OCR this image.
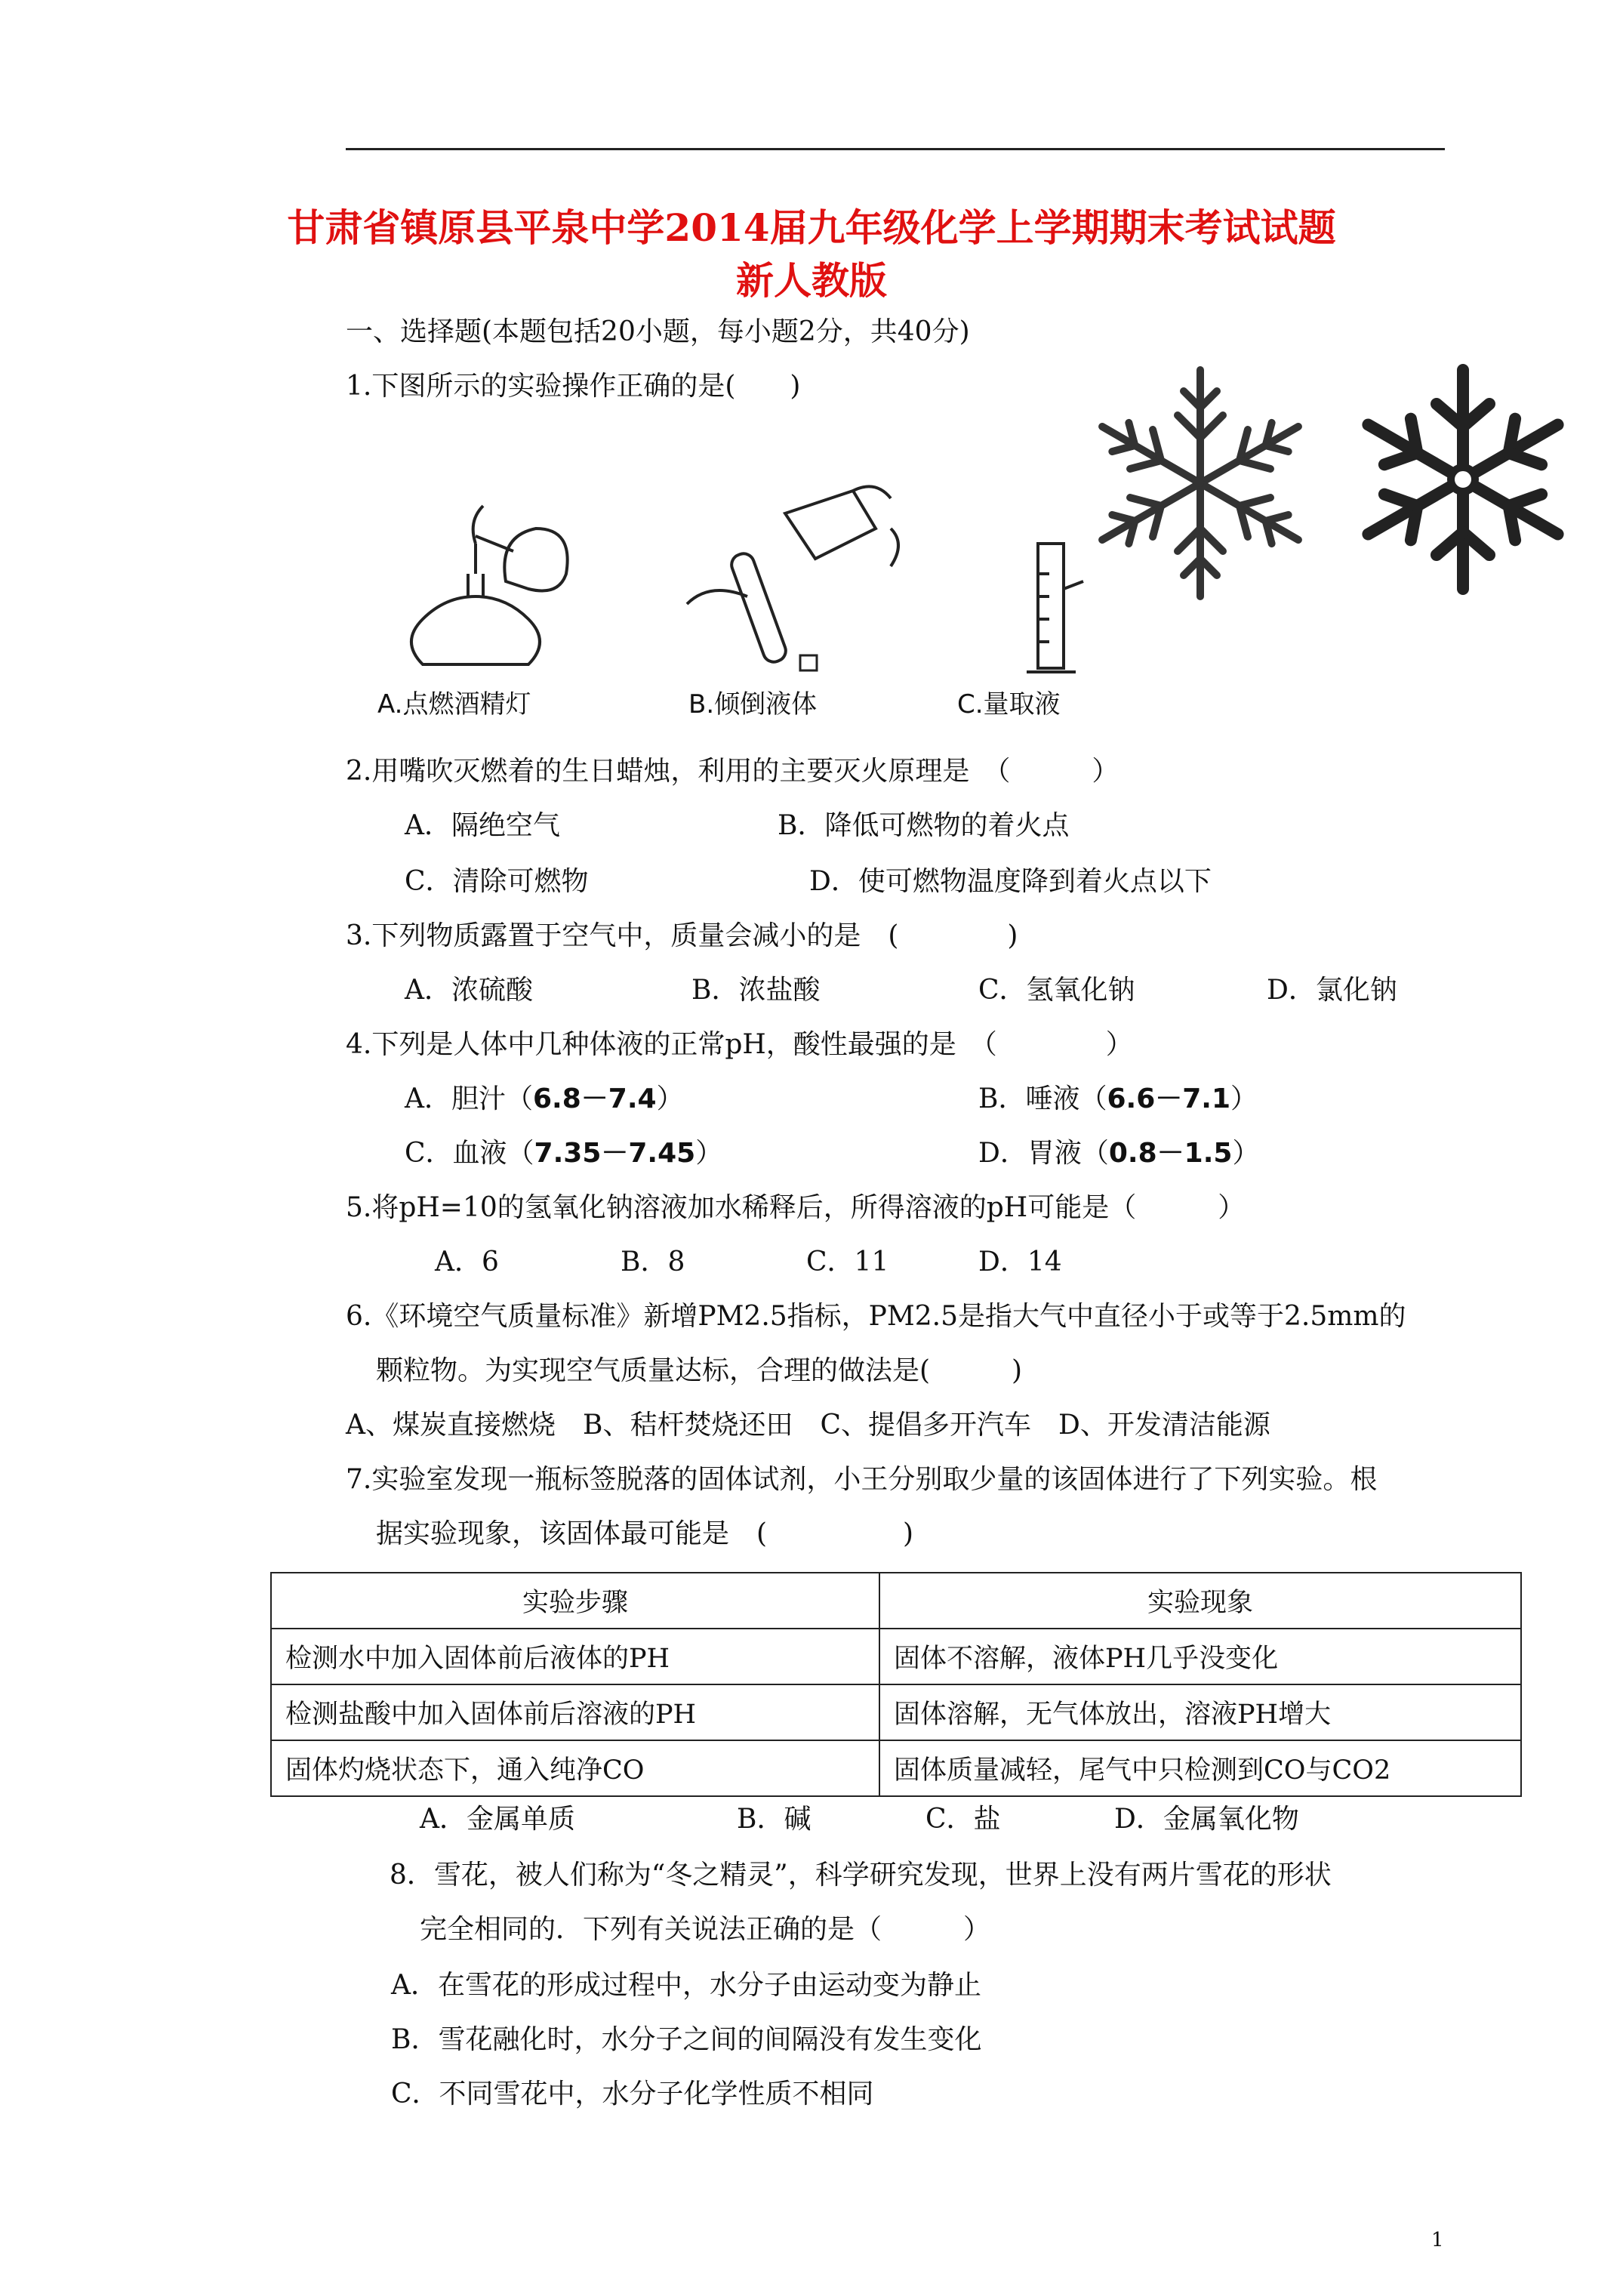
甘肃省镇原县平泉中学2014届九年级化学上学期期末考试试题
新人教版
一、选择题(本题包括20小题，每小题2分，共40分)
1.下图所示的实验操作正确的是(　　)
A.点燃酒精灯	B.倾倒液体	C.量取液
2.用嘴吹灭燃着的生日蜡烛，利用的主要灭火原理是　（　　　）
A．隔绝空气	B．降低可燃物的着火点
C．清除可燃物	D．使可燃物温度降到着火点以下
3.下列物质露置于空气中，质量会减小的是　(　　　　)
A．浓硫酸	B．浓盐酸	C．氢氧化钠	D．氯化钠
4.下列是人体中几种体液的正常pH，酸性最强的是　（　　　　）
A．胆汁（6.8－7.4）	B．唾液（6.6－7.1）
C．血液（7.35－7.45）	D．胃液（0.8－1.5）
5.将pH=10的氢氧化钠溶液加水稀释后，所得溶液的pH可能是（　　　）
A．6	B．8	C．11	D．14
6.《环境空气质量标准》新增PM2.5指标，PM2.5是指大气中直径小于或等于2.5mm的
颗粒物。为实现空气质量达标，合理的做法是(　　　)
A、煤炭直接燃烧　B、秸杆焚烧还田　C、提倡多开汽车　D、开发清洁能源
7.实验室发现一瓶标签脱落的固体试剂，小王分别取少量的该固体进行了下列实验。根
据实验现象，该固体最可能是　(　　　　　)
实验步骤	实验现象
检测水中加入固体前后液体的PH	固体不溶解，液体PH几乎没变化
检测盐酸中加入固体前后溶液的PH	固体溶解，无气体放出，溶液PH增大
固体灼烧状态下，通入纯净CO	固体质量减轻，尾气中只检测到CO与CO2
A．金属单质	B．碱	C．盐	D．金属氧化物
8．雪花，被人们称为“冬之精灵”，科学研究发现，世界上没有两片雪花的形状
完全相同的．下列有关说法正确的是（　　　）
A．在雪花的形成过程中，水分子由运动变为静止
B．雪花融化时，水分子之间的间隔没有发生变化
C．不同雪花中，水分子化学性质不相同
1
